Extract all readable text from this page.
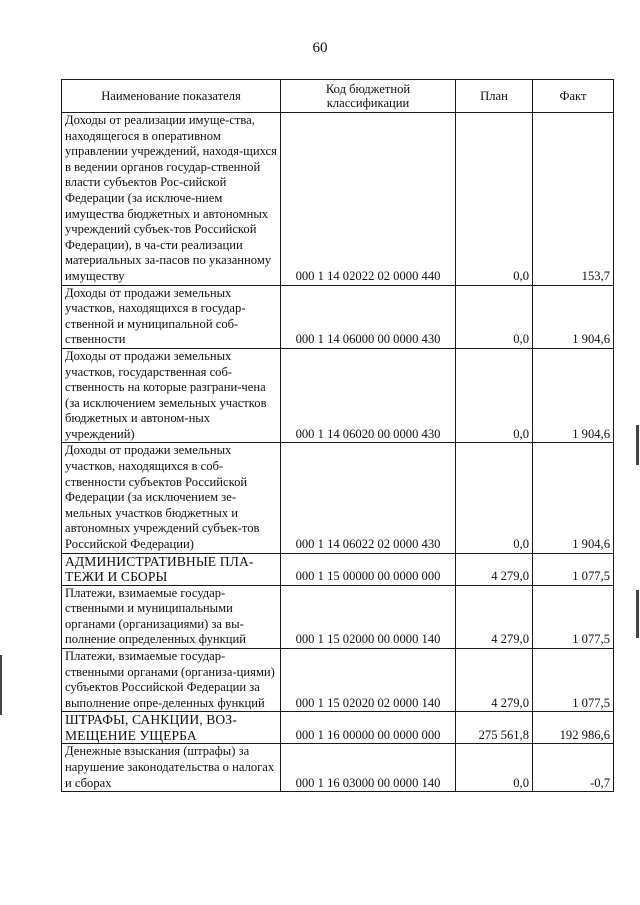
60
Наименование показателя	Код бюджетной классификации	План	Факт
Доходы от реализации имуще-ства, находящегося в оперативном управлении учреждений, находя-щихся в ведении органов государ-ственной власти субъектов Рос-сийской Федерации (за исключе-нием имущества бюджетных и автономных учреждений субъек-тов Российской Федерации), в ча-сти реализации материальных за-пасов по указанному имуществу	000 1 14 02022 02 0000 440	0,0	153,7
Доходы от продажи земельных участков, находящихся в государ-ственной и муниципальной соб-ственности	000 1 14 06000 00 0000 430	0,0	1 904,6
Доходы от продажи земельных участков, государственная соб-ственность на которые разграни-чена (за исключением земельных участков бюджетных и автоном-ных учреждений)	000 1 14 06020 00 0000 430	0,0	1 904,6
Доходы от продажи земельных участков, находящихся в соб-ственности субъектов Российской Федерации (за исключением зе-мельных участков бюджетных и автономных учреждений субъек-тов Российской Федерации)	000 1 14 06022 02 0000 430	0,0	1 904,6
АДМИНИСТРАТИВНЫЕ ПЛА-ТЕЖИ И СБОРЫ	000 1 15 00000 00 0000 000	4 279,0	1 077,5
Платежи, взимаемые государ-ственными и муниципальными органами (организациями) за вы-полнение определенных функций	000 1 15 02000 00 0000 140	4 279,0	1 077,5
Платежи, взимаемые государ-ственными органами (организа-циями) субъектов Российской Федерации за выполнение опре-деленных функций	000 1 15 02020 02 0000 140	4 279,0	1 077,5
ШТРАФЫ, САНКЦИИ, ВОЗ-МЕЩЕНИЕ УЩЕРБА	000 1 16 00000 00 0000 000	275 561,8	192 986,6
Денежные взыскания (штрафы) за нарушение законодательства о налогах и сборах	000 1 16 03000 00 0000 140	0,0	-0,7
